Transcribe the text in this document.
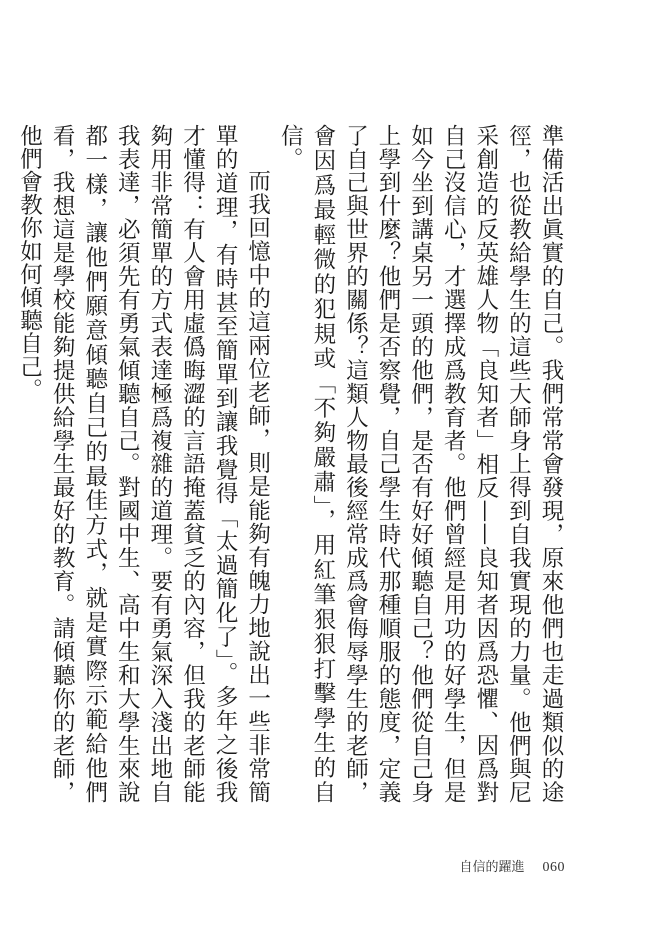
準備活出眞實的自己。我們常常會發現，原來他們也走過類似的途徑，也從教給學生的這些大師身上得到自我實現的力量。他們與尼采創造的反英雄人物「良知者」相反——良知者因爲恐懼、因爲對自己沒信心，才選擇成爲教育者。他們曾經是用功的好學生，但是如今坐到講桌另一頭的他們，是否有好好傾聽自己？他們從自己身上學到什麼？他們是否察覺，自己學生時代那種順服的態度，定義了自己與世界的關係？這類人物最後經常成爲會侮辱學生的老師，會因爲最輕微的犯規或「不夠嚴肅」，用紅筆狠狠打擊學生的自信。

而我回憶中的這兩位老師，則是能夠有魄力地說出一些非常簡單的道理，有時甚至簡單到讓我覺得「太過簡化了」。多年之後我才懂得：有人會用虛僞晦澀的言語掩蓋貧乏的內容，但我的老師能夠用非常簡單的方式表達極爲複雜的道理。要有勇氣深入淺出地自我表達，必須先有勇氣傾聽自己。對國中生、高中生和大學生來說都一樣，讓他們願意傾聽自己的最佳方式，就是實際示範給他們看，我想這是學校能夠提供給學生最好的教育。請傾聽你的老師，他們會教你如何傾聽自己。

自信的躍進 060
